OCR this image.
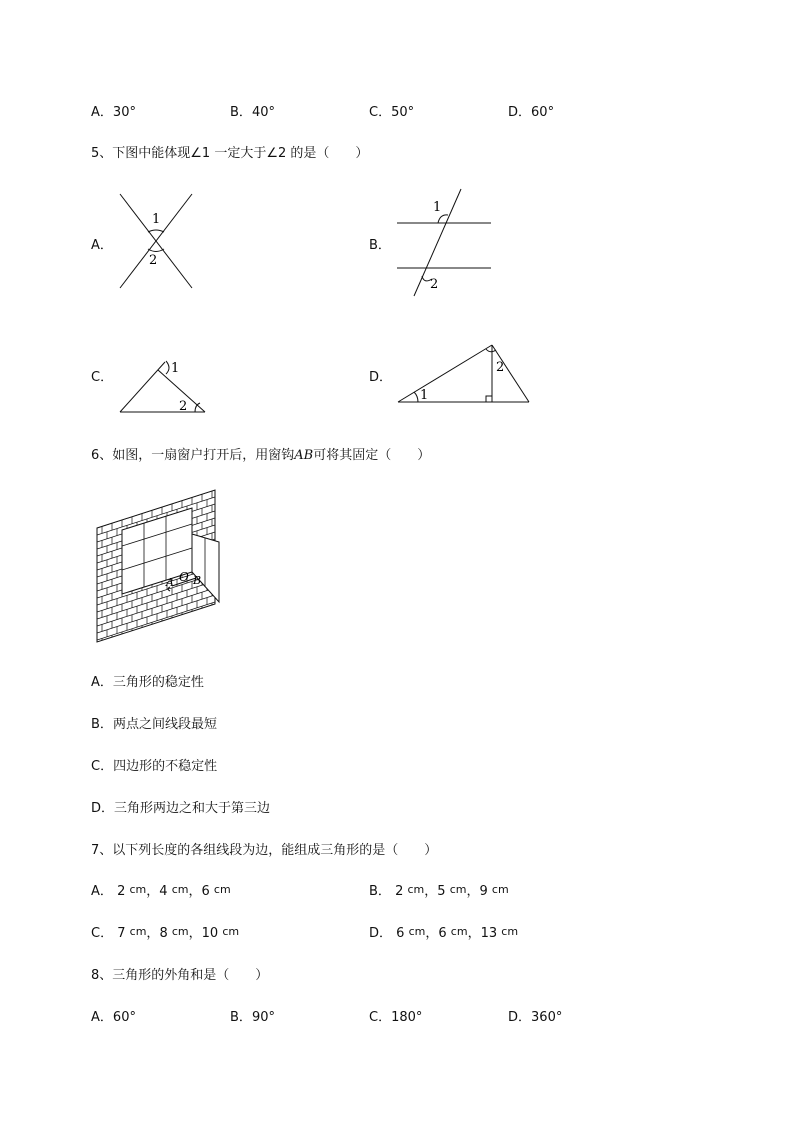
A．30°	B．40°	C．50°	D．60°
5、下图中能体现∠1 一定大于∠2 的是（　　）
A．
1
2
B．
1
2
C．
1
2
D．
2
1
6、如图，一扇窗户打开后，用窗钩AB可将其固定（　　）
A O B
A．三角形的稳定性
B．两点之间线段最短
C．四边形的不稳定性
D．三角形两边之和大于第三边
7、以下列长度的各组线段为边，能组成三角形的是（　　）
A． 2 cm，4 cm，6 cm	B． 2 cm，5 cm，9 cm
C． 7 cm，8 cm，10 cm	D． 6 cm，6 cm，13 cm
8、三角形的外角和是（　　）
A．60°	B．90°	C．180°	D．360°
